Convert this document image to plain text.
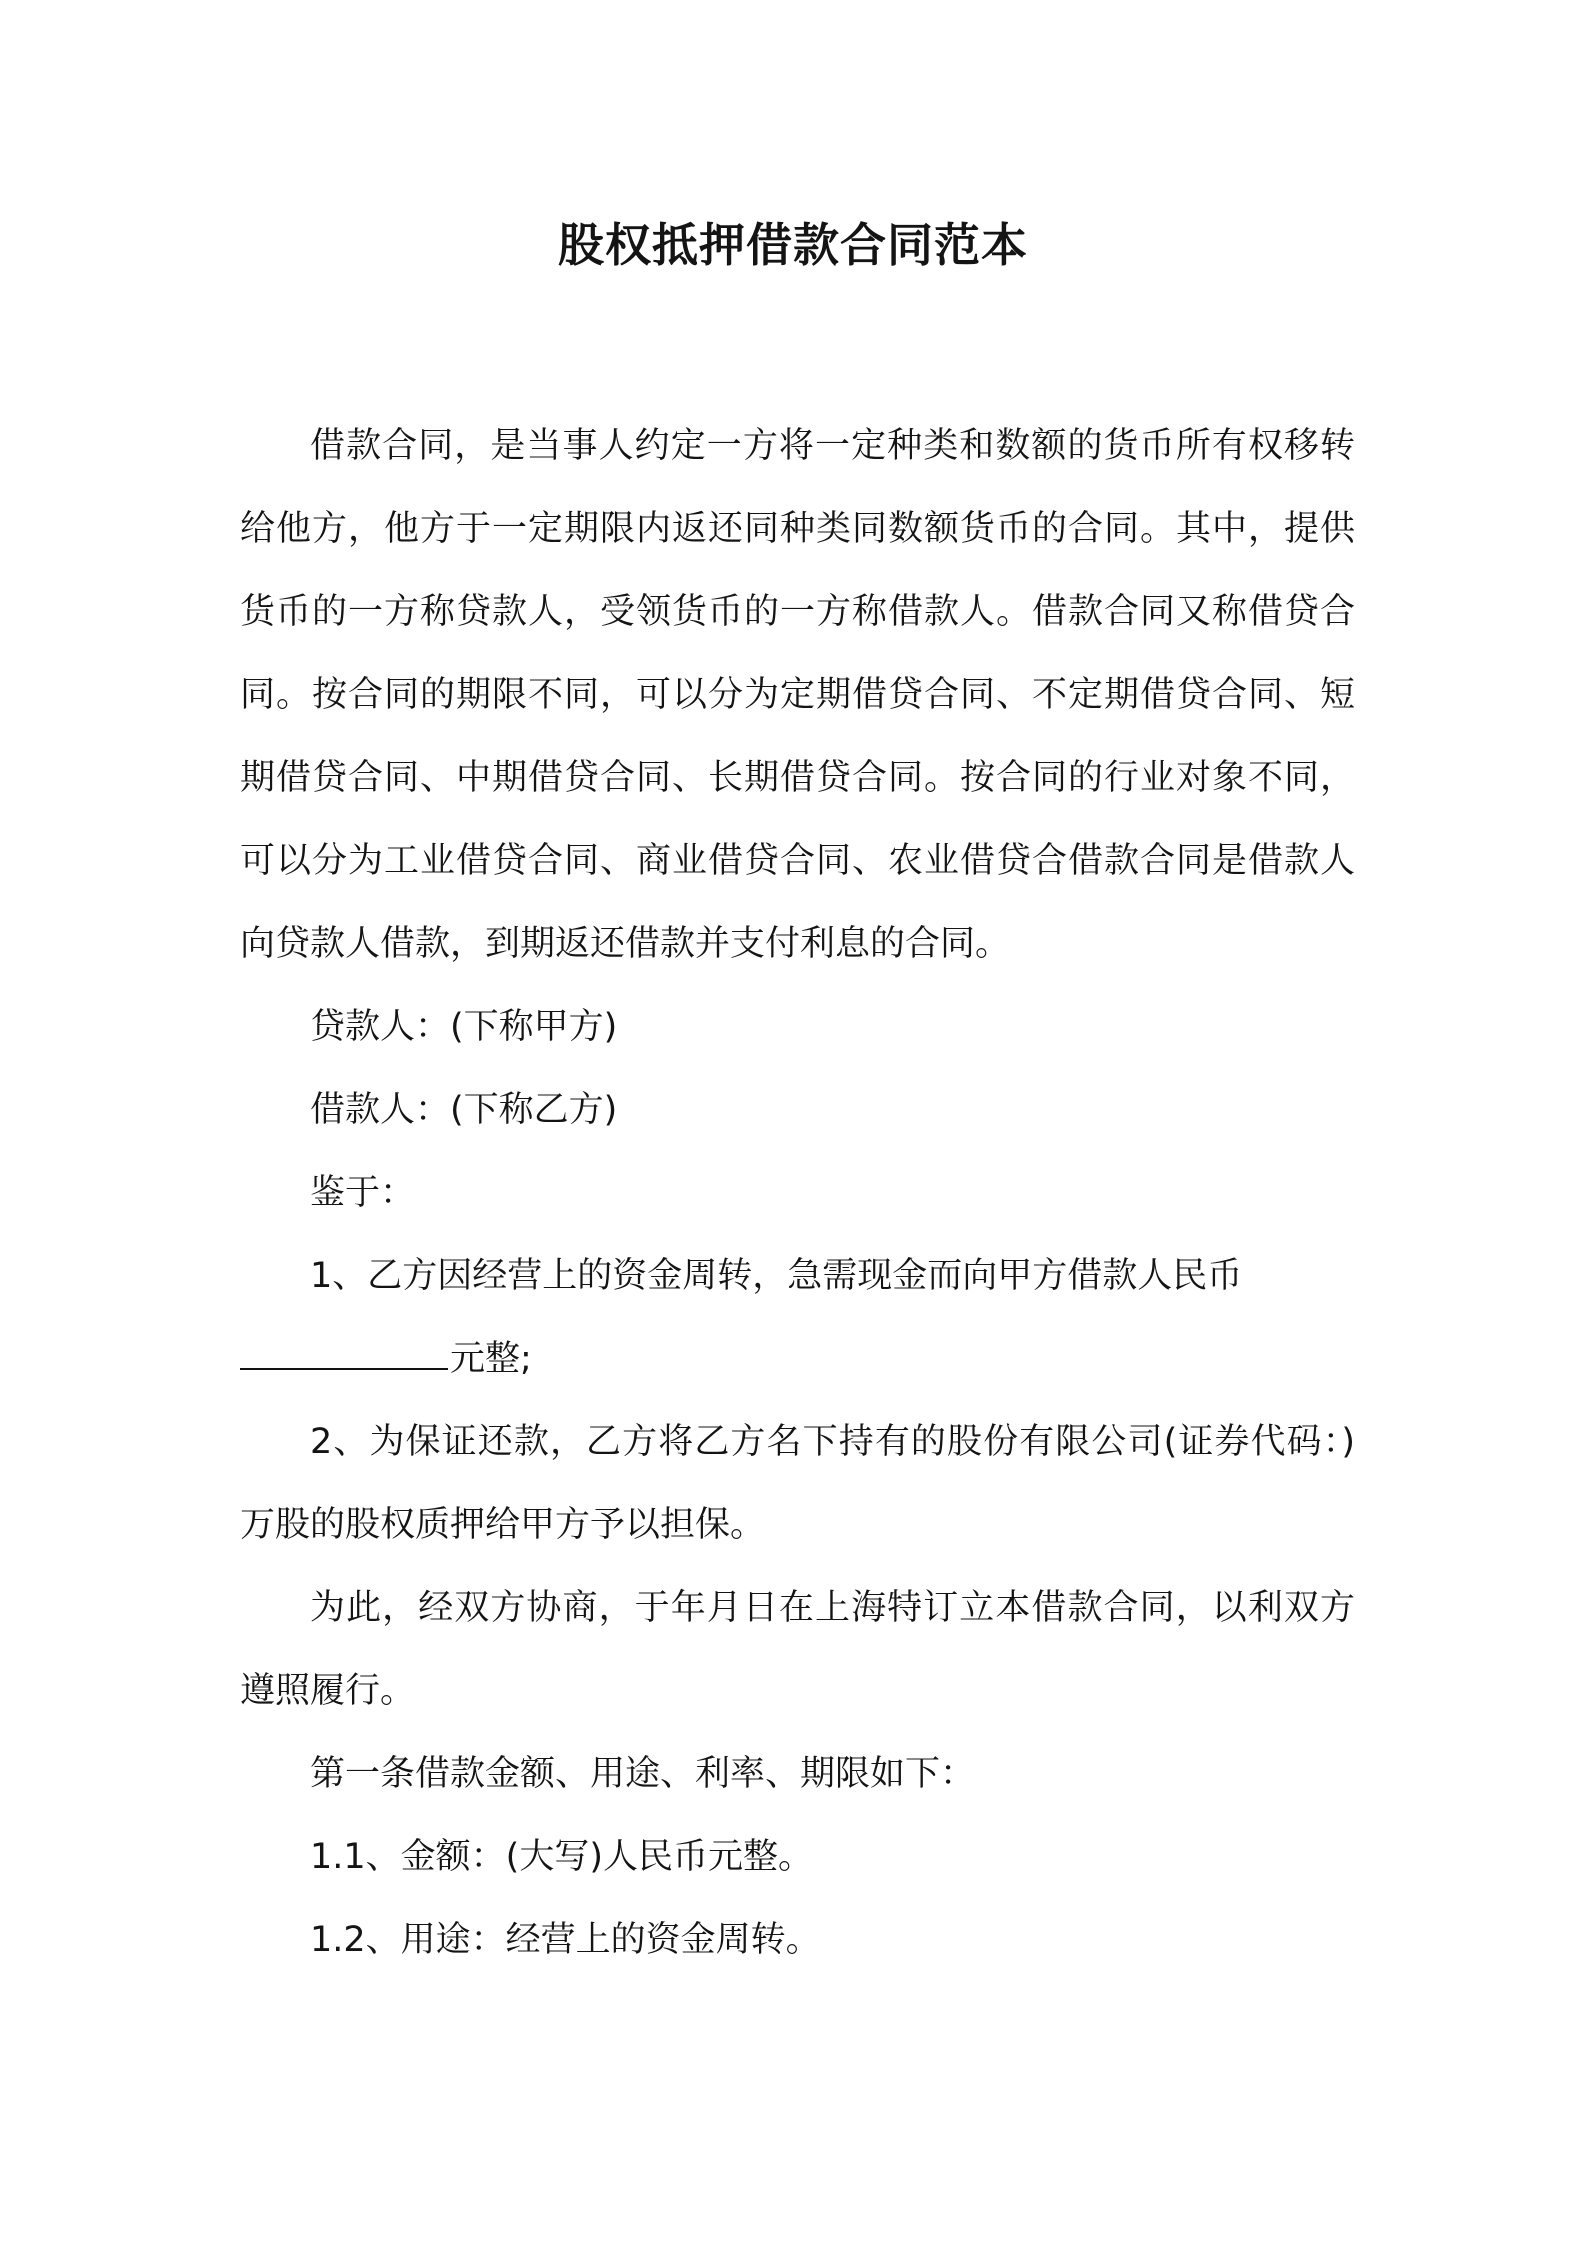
股权抵押借款合同范本

借款合同，是当事人约定一方将一定种类和数额的货币所有权移转给他方，他方于一定期限内返还同种类同数额货币的合同。其中，提供货币的一方称贷款人，受领货币的一方称借款人。借款合同又称借贷合同。按合同的期限不同，可以分为定期借贷合同、不定期借贷合同、短期借贷合同、中期借贷合同、长期借贷合同。按合同的行业对象不同，可以分为工业借贷合同、商业借贷合同、农业借贷合借款合同是借款人向贷款人借款，到期返还借款并支付利息的合同。

贷款人：(下称甲方)

借款人：(下称乙方)

鉴于：

1、乙方因经营上的资金周转，急需现金而向甲方借款人民币

元整;

2、为保证还款，乙方将乙方名下持有的股份有限公司(证券代码：)万股的股权质押给甲方予以担保。

为此，经双方协商，于年月日在上海特订立本借款合同，以利双方遵照履行。

第一条借款金额、用途、利率、期限如下：

1.1、金额：(大写)人民币元整。

1.2、用途：经营上的资金周转。
